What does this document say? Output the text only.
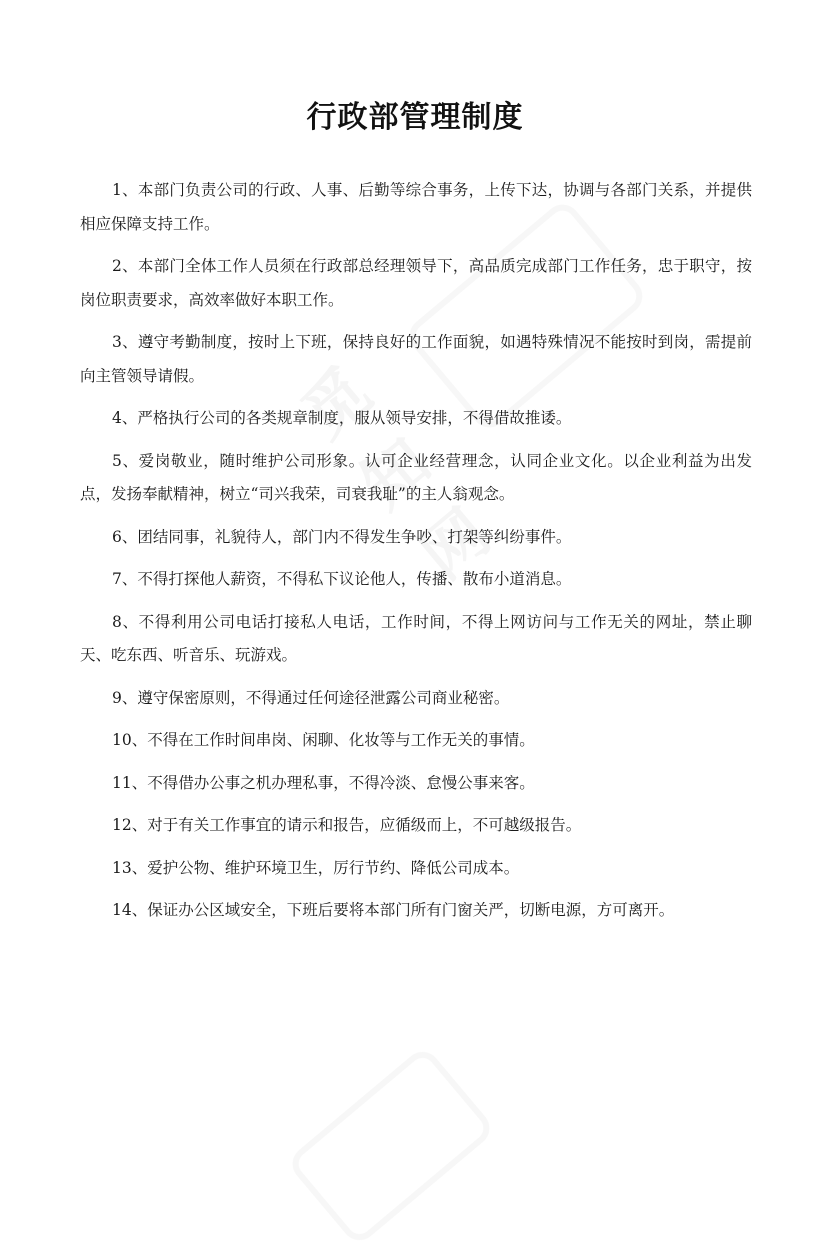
觅知网
行政部管理制度
1、本部门负责公司的行政、人事、后勤等综合事务，上传下达，协调与各部门关系，并提供相应保障支持工作。
2、本部门全体工作人员须在行政部总经理领导下，高品质完成部门工作任务，忠于职守，按岗位职责要求，高效率做好本职工作。
3、遵守考勤制度，按时上下班，保持良好的工作面貌，如遇特殊情况不能按时到岗，需提前向主管领导请假。
4、严格执行公司的各类规章制度，服从领导安排，不得借故推诿。
5、爱岗敬业，随时维护公司形象。认可企业经营理念，认同企业文化。以企业利益为出发点，发扬奉献精神，树立“司兴我荣，司衰我耻”的主人翁观念。
6、团结同事，礼貌待人，部门内不得发生争吵、打架等纠纷事件。
7、不得打探他人薪资，不得私下议论他人，传播、散布小道消息。
8、不得利用公司电话打接私人电话，工作时间，不得上网访问与工作无关的网址，禁止聊天、吃东西、听音乐、玩游戏。
9、遵守保密原则，不得通过任何途径泄露公司商业秘密。
10、不得在工作时间串岗、闲聊、化妆等与工作无关的事情。
11、不得借办公事之机办理私事，不得冷淡、怠慢公事来客。
12、对于有关工作事宜的请示和报告，应循级而上，不可越级报告。
13、爱护公物、维护环境卫生，厉行节约、降低公司成本。
14、保证办公区域安全，下班后要将本部门所有门窗关严，切断电源，方可离开。
